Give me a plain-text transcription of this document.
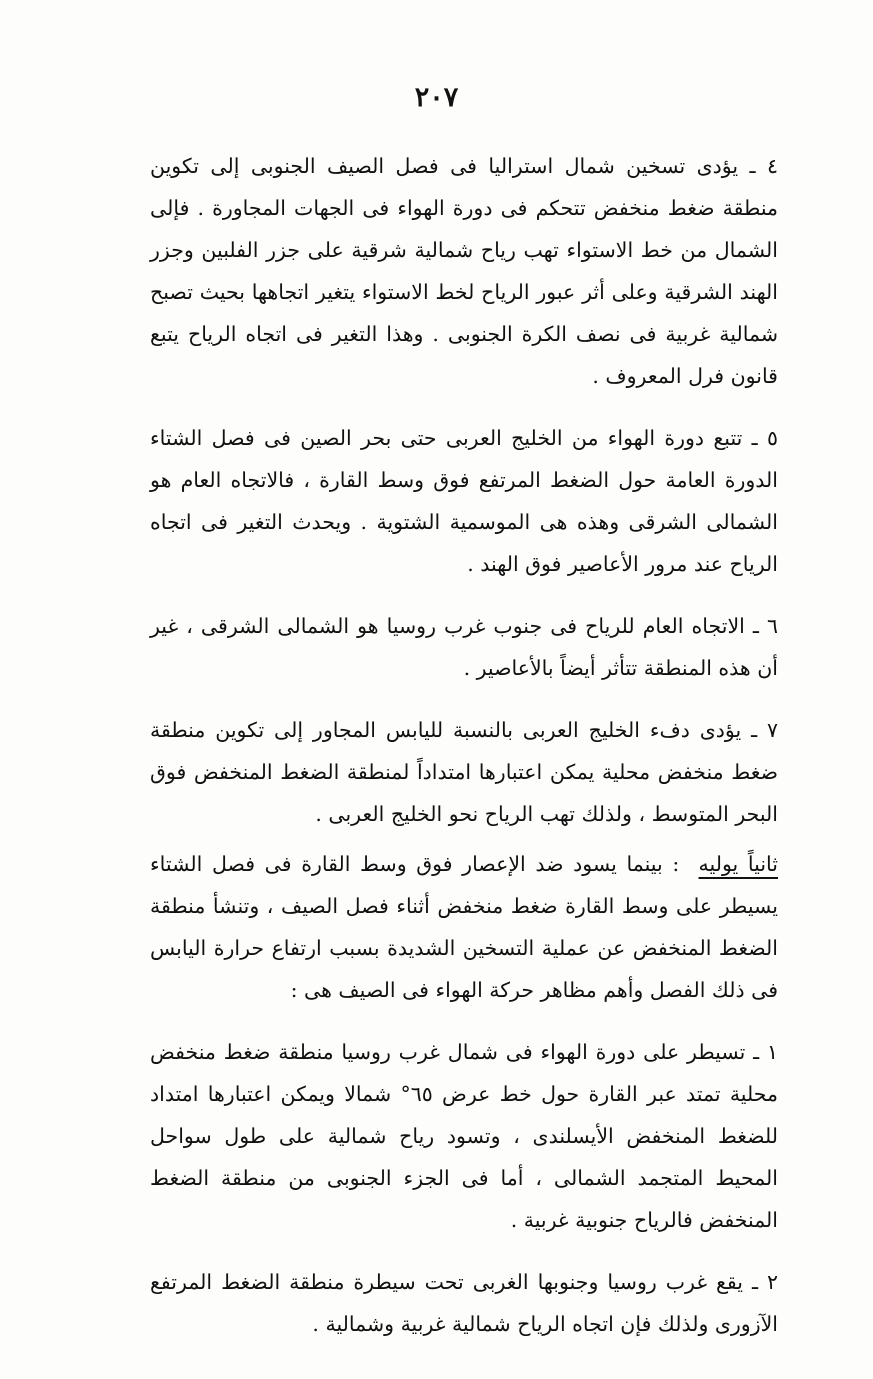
٢٠٧

٤ ـ يؤدى تسخين شمال استراليا فى فصل الصيف الجنوبى إلى تكوين منطقة ضغط منخفض تتحكم فى دورة الهواء فى الجهات المجاورة . فإلى الشمال من خط الاستواء تهب رياح شمالية شرقية على جزر الفلبين وجزر الهند الشرقية وعلى أثر عبور الرياح لخط الاستواء يتغير اتجاهها بحيث تصبح شمالية غربية فى نصف الكرة الجنوبى . وهذا التغير فى اتجاه الرياح يتبع قانون فرل المعروف .

٥ ـ تتبع دورة الهواء من الخليج العربى حتى بحر الصين فى فصل الشتاء الدورة العامة حول الضغط المرتفع فوق وسط القارة ، فالاتجاه العام هو الشمالى الشرقى وهذه هى الموسمية الشتوية . ويحدث التغير فى اتجاه الرياح عند مرور الأعاصير فوق الهند .

٦ ـ الاتجاه العام للرياح فى جنوب غرب روسيا هو الشمالى الشرقى ، غير أن هذه المنطقة تتأثر أيضاً بالأعاصير .

٧ ـ يؤدى دفء الخليج العربى بالنسبة لليابس المجاور إلى تكوين منطقة ضغط منخفض محلية يمكن اعتبارها امتداداً لمنطقة الضغط المنخفض فوق البحر المتوسط ، ولذلك تهب الرياح نحو الخليج العربى .

ثانياً يوليه  : بينما يسود ضد الإعصار فوق وسط القارة فى فصل الشتاء يسيطر على وسط القارة ضغط منخفض أثناء فصل الصيف ، وتنشأ منطقة الضغط المنخفض عن عملية التسخين الشديدة بسبب ارتفاع حرارة اليابس فى ذلك الفصل وأهم مظاهر حركة الهواء فى الصيف هى :

١ ـ تسيطر على دورة الهواء فى شمال غرب روسيا منطقة ضغط منخفض محلية تمتد عبر القارة حول خط عرض ٦٥° شمالا ويمكن اعتبارها امتداد للضغط المنخفض الأيسلندى ، وتسود رياح شمالية على طول سواحل المحيط المتجمد الشمالى ، أما فى الجزء الجنوبى من منطقة الضغط المنخفض فالرياح جنوبية غربية .

٢ ـ يقع غرب روسيا وجنوبها الغربى تحت سيطرة منطقة الضغط المرتفع الآزورى ولذلك فإن اتجاه الرياح شمالية غربية وشمالية .
